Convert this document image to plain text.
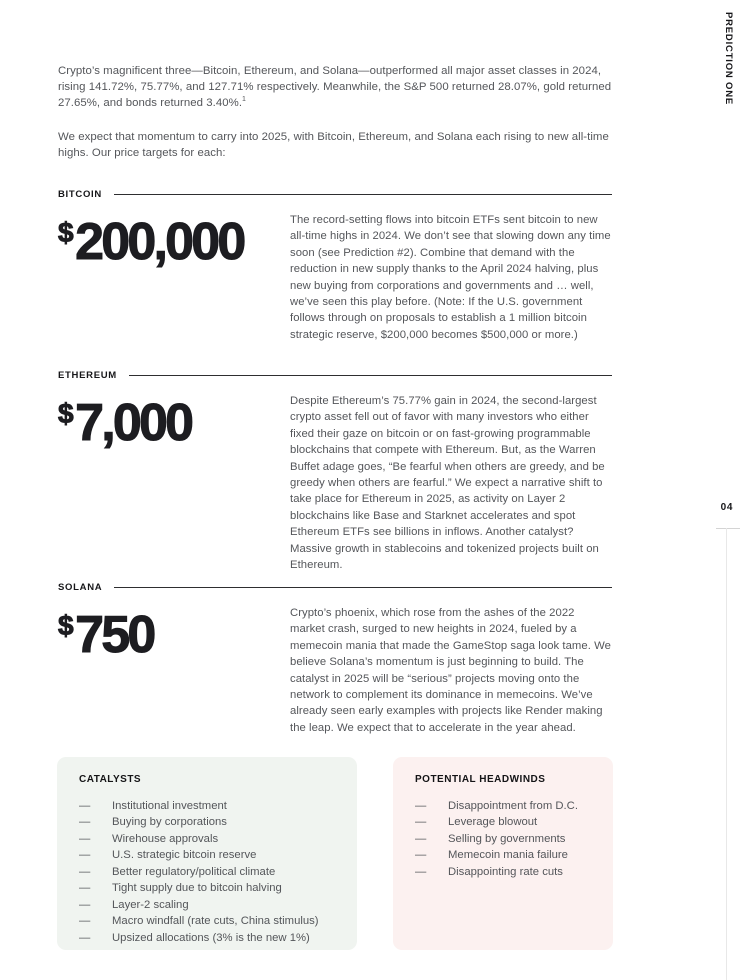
PREDICTION ONE
04

Crypto’s magnificent three—Bitcoin, Ethereum, and Solana—outperformed all major asset classes in 2024, rising 141.72%, 75.77%, and 127.71% respectively. Meanwhile, the S&P 500 returned 28.07%, gold returned 27.65%, and bonds returned 3.40%.$^1$

We expect that momentum to carry into 2025, with Bitcoin, Ethereum, and Solana each rising to new all-time highs. Our price targets for each:

BITCOIN
$200,000	The record-setting flows into bitcoin ETFs sent bitcoin to new all-time highs in 2024. We don’t see that slowing down any time soon (see Prediction #2). Combine that demand with the reduction in new supply thanks to the April 2024 halving, plus new buying from corporations and governments and … well, we’ve seen this play before. (Note: If the U.S. government follows through on proposals to establish a 1 million bitcoin strategic reserve, $200,000 becomes $500,000 or more.)
ETHEREUM
$7,000	Despite Ethereum’s 75.77% gain in 2024, the second-largest crypto asset fell out of favor with many investors who either fixed their gaze on bitcoin or on fast-growing programmable blockchains that compete with Ethereum. But, as the Warren Buffet adage goes, “Be fearful when others are greedy, and be greedy when others are fearful.” We expect a narrative shift to take place for Ethereum in 2025, as activity on Layer 2 blockchains like Base and Starknet accelerates and spot Ethereum ETFs see billions in inflows. Another catalyst? Massive growth in stablecoins and tokenized projects built on Ethereum.
SOLANA
$750	Crypto’s phoenix, which rose from the ashes of the 2022 market crash, surged to new heights in 2024, fueled by a memecoin mania that made the GameStop saga look tame. We believe Solana’s momentum is just beginning to build. The catalyst in 2025 will be “serious” projects moving onto the network to complement its dominance in memecoins. We’ve already seen early examples with projects like Render making the leap. We expect that to accelerate in the year ahead.
CATALYSTS
—	Institutional investment
—	Buying by corporations
—	Wirehouse approvals
—	U.S. strategic bitcoin reserve
—	Better regulatory/political climate
—	Tight supply due to bitcoin halving
—	Layer-2 scaling
—	Macro windfall (rate cuts, China stimulus)
—	Upsized allocations (3% is the new 1%)
POTENTIAL HEADWINDS
—	Disappointment from D.C.
—	Leverage blowout
—	Selling by governments
—	Memecoin mania failure
—	Disappointing rate cuts
